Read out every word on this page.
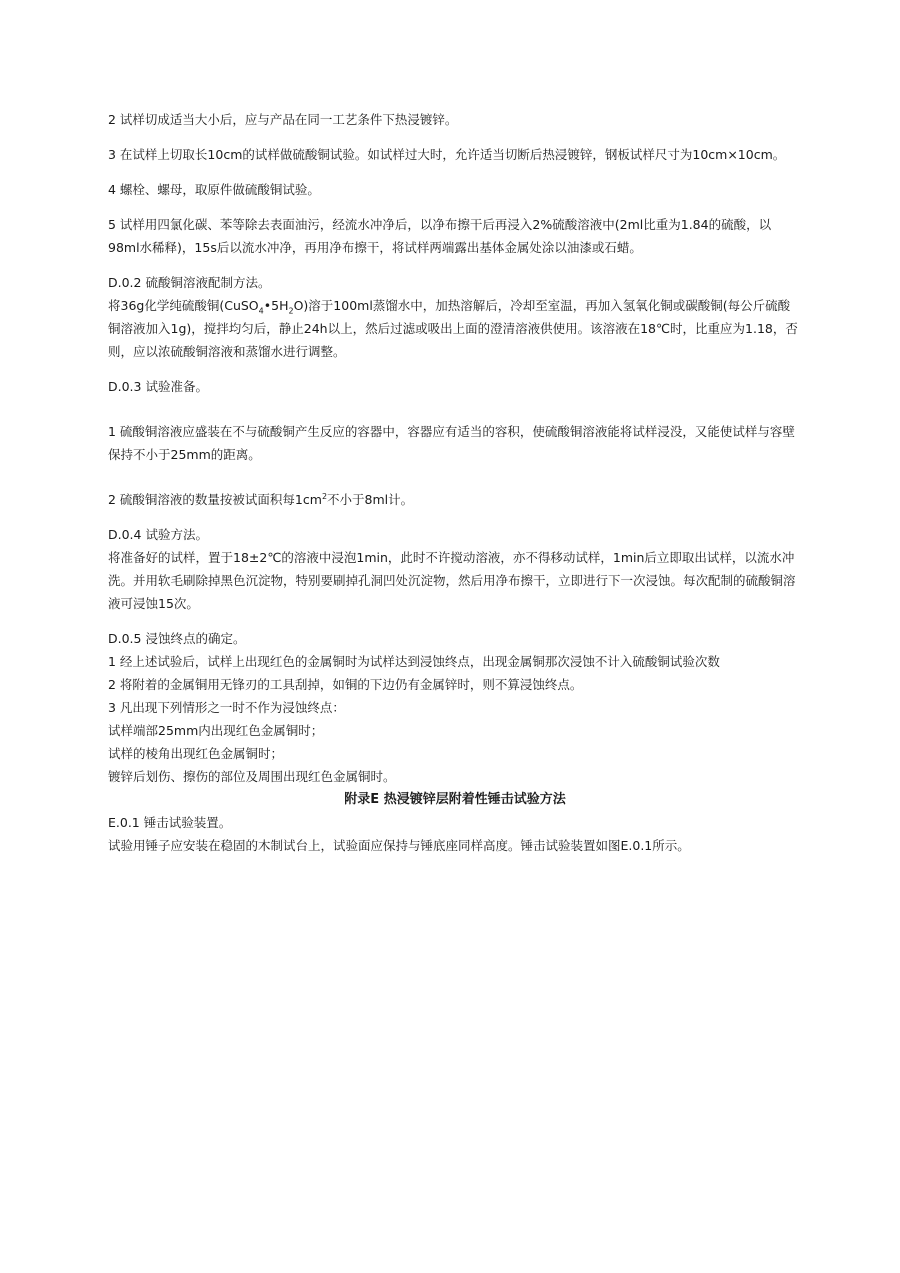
2 试样切成适当大小后，应与产品在同一工艺条件下热浸镀锌。

3 在试样上切取长10cm的试样做硫酸铜试验。如试样过大时，允许适当切断后热浸镀锌，钢板试样尺寸为10cm×10cm。

4 螺栓、螺母，取原件做硫酸铜试验。

5 试样用四氯化碳、苯等除去表面油污，经流水冲净后，以净布擦干后再浸入2%硫酸溶液中(2ml比重为1.84的硫酸，以98ml水稀释)，15s后以流水冲净，再用净布擦干，将试样两端露出基体金属处涂以油漆或石蜡。

D.0.2 硫酸铜溶液配制方法。

将36g化学纯硫酸铜$(CuSO_4•5H_2O)$溶于100ml蒸馏水中，加热溶解后，冷却至室温，再加入氢氧化铜或碳酸铜(每公斤硫酸铜溶液加入1g)，搅拌均匀后，静止24h以上，然后过滤或吸出上面的澄清溶液供使用。该溶液在18℃时，比重应为1.18，否则，应以浓硫酸铜溶液和蒸馏水进行调整。

D.0.3 试验准备。

1 硫酸铜溶液应盛装在不与硫酸铜产生反应的容器中，容器应有适当的容积，使硫酸铜溶液能将试样浸没，又能使试样与容壁保持不小于25mm的距离。

2 硫酸铜溶液的数量按被试面积每$1cm^2$不小于8ml计。

D.0.4 试验方法。

将准备好的试样，置于18±2℃的溶液中浸泡1min，此时不许搅动溶液，亦不得移动试样，1min后立即取出试样，以流水冲洗。并用软毛刷除掉黑色沉淀物，特别要刷掉孔洞凹处沉淀物，然后用净布擦干，立即进行下一次浸蚀。每次配制的硫酸铜溶液可浸蚀15次。

D.0.5 浸蚀终点的确定。

1 经上述试验后，试样上出现红色的金属铜时为试样达到浸蚀终点，出现金属铜那次浸蚀不计入硫酸铜试验次数

2 将附着的金属铜用无锋刃的工具刮掉，如铜的下边仍有金属锌时，则不算浸蚀终点。

3 凡出现下列情形之一时不作为浸蚀终点：

试样端部25mm内出现红色金属铜时；

试样的棱角出现红色金属铜时；

镀锌后划伤、擦伤的部位及周围出现红色金属铜时。

附录E 热浸镀锌层附着性锤击试验方法

E.0.1 锤击试验装置。

试验用锤子应安装在稳固的木制试台上，试验面应保持与锤底座同样高度。锤击试验装置如图E.0.1所示。
